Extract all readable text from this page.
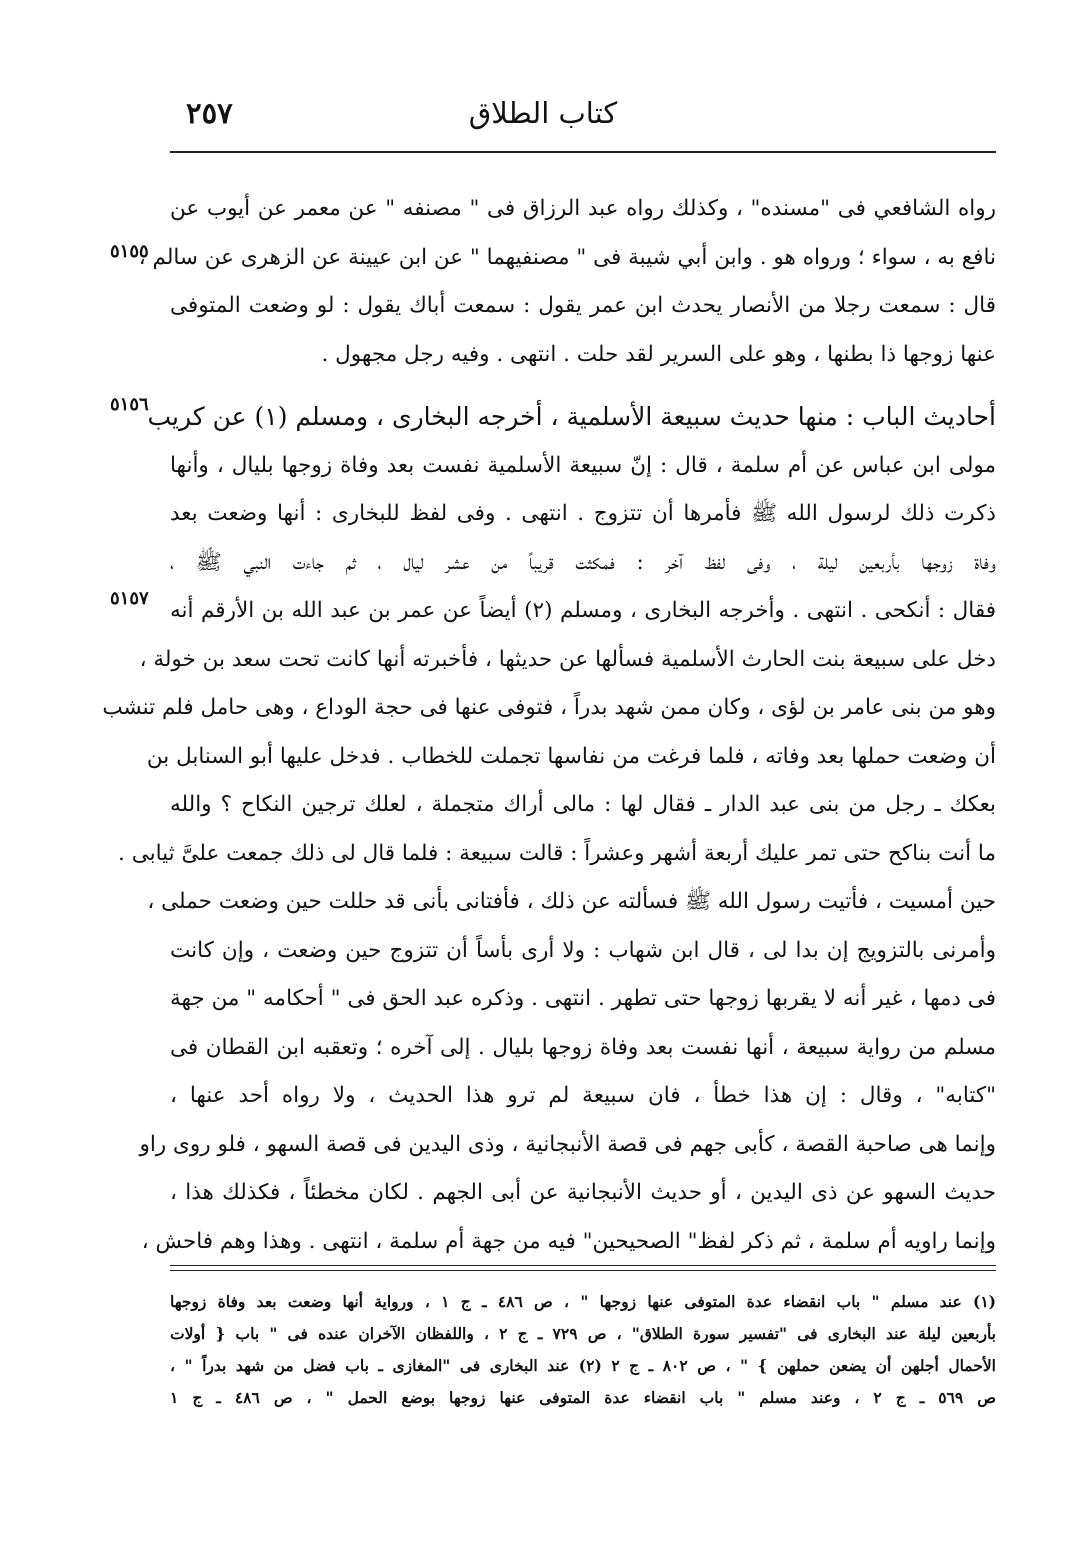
كتاب الطلاق
٢٥٧
٥١٥٥
٥١٥٦
٥١٥٧
رواه الشافعي فى "مسنده" ، وكذلك رواه عبد الرزاق فى " مصنفه " عن معمر عن أيوب عن
نافع به ، سواء ؛ ورواه هو . وابن أبي شيبة فى " مصنفيهما " عن ابن عيينة عن الزهرى عن سالم ،
قال : سمعت رجلا من الأنصار يحدث ابن عمر يقول : سمعت أباك يقول : لو وضعت المتوفى
عنها زوجها ذا بطنها ، وهو على السرير لقد حلت . انتهى . وفيه رجل مجهول .
أحاديث الباب : منها حديث سبيعة الأسلمية ، أخرجه البخارى ، ومسلم (١) عن كريب
مولى ابن عباس عن أم سلمة ، قال : إنّ سبيعة الأسلمية نفست بعد وفاة زوجها بليال ، وأنها
ذكرت ذلك لرسول الله ﷺ فأمرها أن تتزوج . انتهى . وفى لفظ للبخارى : أنها وضعت بعد
وفاة زوجها بأربعين ليلة ، وفى لفظ آخر : فمكثت قريباً من عشر ليال ، ثم جاءت النبي ﷺ ،
فقال : أنكحى . انتهى . وأخرجه البخارى ، ومسلم (٢) أيضاً عن عمر بن عبد الله بن الأرقم أنه
دخل على سبيعة بنت الحارث الأسلمية فسألها عن حديثها ، فأخبرته أنها كانت تحت سعد بن خولة ،
وهو من بنى عامر بن لؤى ، وكان ممن شهد بدراً ، فتوفى عنها فى حجة الوداع ، وهى حامل فلم تنشب
أن وضعت حملها بعد وفاته ، فلما فرغت من نفاسها تجملت للخطاب . فدخل عليها أبو السنابل بن
بعكك ـ رجل من بنى عبد الدار ـ فقال لها : مالى أراك متجملة ، لعلك ترجين النكاح ؟ والله
ما أنت بناكح حتى تمر عليك أربعة أشهر وعشراً : قالت سبيعة : فلما قال لى ذلك جمعت علىَّ ثيابى .
حين أمسيت ، فأتيت رسول الله ﷺ فسألته عن ذلك ، فأفتانى بأنى قد حللت حين وضعت حملى ،
وأمرنى بالتزويج إن بدا لى ، قال ابن شهاب : ولا أرى بأساً أن تتزوج حين وضعت ، وإن كانت
فى دمها ، غير أنه لا يقربها زوجها حتى تطهر . انتهى . وذكره عبد الحق فى " أحكامه " من جهة
مسلم من رواية سبيعة ، أنها نفست بعد وفاة زوجها بليال . إلى آخره ؛ وتعقبه ابن القطان فى
"كتابه" ، وقال : إن هذا خطأ ، فان سبيعة لم ترو هذا الحديث ، ولا رواه أحد عنها ،
وإنما هى صاحبة القصة ، كأبى جهم فى قصة الأنبجانية ، وذى اليدين فى قصة السهو ، فلو روى راو
حديث السهو عن ذى اليدين ، أو حديث الأنبجانية عن أبى الجهم . لكان مخطئاً ، فكذلك هذا ،
وإنما راويه أم سلمة ، ثم ذكر لفظ" الصحيحين" فيه من جهة أم سلمة ، انتهى . وهذا وهم فاحش ،
(١) عند مسلم " باب انقضاء عدة المتوفى عنها زوجها " ، ص ٤٨٦ ـ ج ١ ، ورواية أنها وضعت بعد وفاة زوجها
بأربعين ليلة عند البخارى فى "تفسير سورة الطلاق" ، ص ٧٢٩ ـ ج ٢ ، واللفظان الآخران عنده فى " باب { أولات
الأحمال أجلهن أن يضعن حملهن } " ، ص ٨٠٢ ـ ج ٢ (٢) عند البخارى فى "المغازى ـ باب فضل من شهد بدراً " ،
ص ٥٦٩ ـ ج ٢ ، وعند مسلم " باب انقضاء عدة المتوفى عنها زوجها بوضع الحمل " ، ص ٤٨٦ ـ ج ١
